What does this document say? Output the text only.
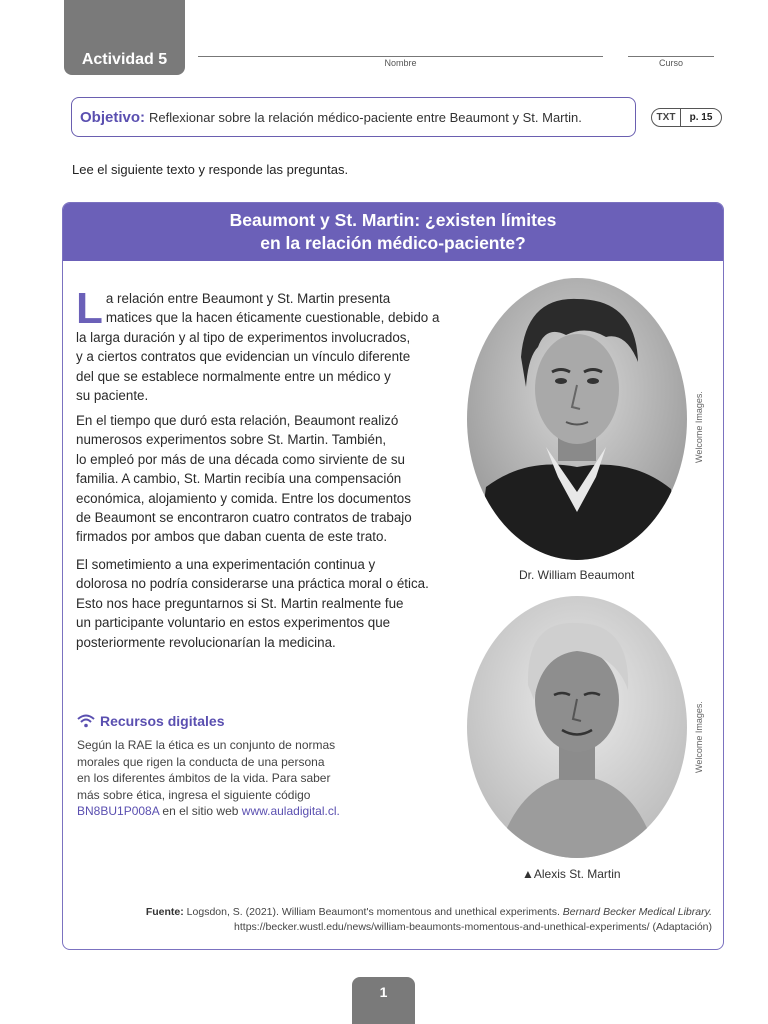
Actividad 5	Nombre	Curso
Objetivo: Reflexionar sobre la relación médico-paciente entre Beaumont y St. Martin.	TXT	p. 15
Lee el siguiente texto y responde las preguntas.
Beaumont y St. Martin: ¿existen límites
en la relación médico-paciente?
L a relación entre Beaumont y St. Martin presenta
matices que la hacen éticamente cuestionable, debido a
la larga duración y al tipo de experimentos involucrados,
y a ciertos contratos que evidencian un vínculo diferente
del que se establece normalmente entre un médico y
su paciente.
En el tiempo que duró esta relación, Beaumont realizó
numerosos experimentos sobre St. Martin. También,
lo empleó por más de una década como sirviente de su
familia. A cambio, St. Martin recibía una compensación
económica, alojamiento y comida. Entre los documentos
de Beaumont se encontraron cuatro contratos de trabajo
firmados por ambos que daban cuenta de este trato.
El sometimiento a una experimentación continua y
dolorosa no podría considerarse una práctica moral o ética.
Esto nos hace preguntarnos si St. Martin realmente fue
un participante voluntario en estos experimentos que
posteriormente revolucionarían la medicina.
Welcome Images.
Dr. William Beaumont
Welcome Images.
▲Alexis St. Martin
Recursos digitales
Según la RAE la ética es un conjunto de normas
morales que rigen la conducta de una persona
en los diferentes ámbitos de la vida. Para saber
más sobre ética, ingresa el siguiente código
BN8BU1P008A en el sitio web www.auladigital.cl.
Fuente: Logsdon, S. (2021). William Beaumont's momentous and unethical experiments. Bernard Becker Medical Library.
https://becker.wustl.edu/news/william-beaumonts-momentous-and-unethical-experiments/ (Adaptación)
1
